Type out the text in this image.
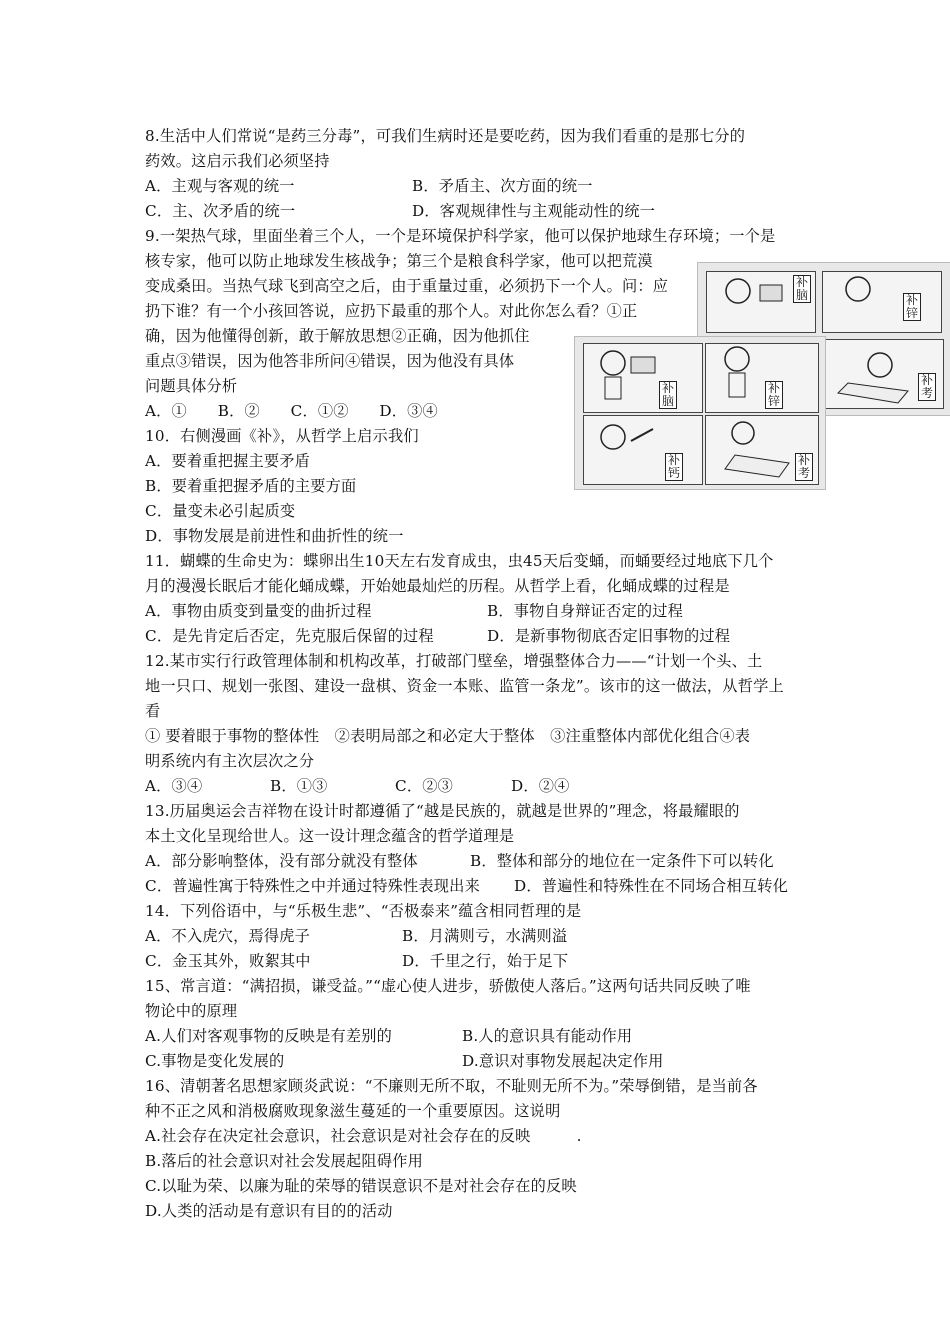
8.生活中人们常说“是药三分毒”，可我们生病时还是要吃药，因为我们看重的是那七分的
药效。这启示我们必须坚持
A．主观与客观的统一	B．矛盾主、次方面的统一
C．主、次矛盾的统一	D．客观规律性与主观能动性的统一
9.一架热气球，里面坐着三个人，一个是环境保护科学家，他可以保护地球生存环境；一个是
核专家，他可以防止地球发生核战争；第三个是粮食科学家，他可以把荒漠
变成桑田。当热气球飞到高空之后，由于重量过重，必须扔下一个人。问：应
扔下谁？有一个小孩回答说，应扔下最重的那个人。对此你怎么看？①正
确，因为他懂得创新，敢于解放思想②正确，因为他抓住
重点③错误，因为他答非所问④错误，因为他没有具体
问题具体分析
A．①　　B．②　　C．①②　　D．③④
10．右侧漫画《补》，从哲学上启示我们
A．要着重把握主要矛盾
B．要着重把握矛盾的主要方面
C．量变未必引起质变
D．事物发展是前进性和曲折性的统一
补脑	补锌
补考
补脑
补锌
补钙
补考
11．蝴蝶的生命史为：蝶卵出生10天左右发育成虫，虫45天后变蛹，而蛹要经过地底下几个
月的漫漫长眠后才能化蛹成蝶，开始她最灿烂的历程。从哲学上看，化蛹成蝶的过程是
A．事物由质变到量变的曲折过程	B．事物自身辩证否定的过程
C．是先肯定后否定，先克服后保留的过程	D．是新事物彻底否定旧事物的过程
12.某市实行行政管理体制和机构改革，打破部门壁垒，增强整体合力——“计划一个头、土
地一只口、规划一张图、建设一盘棋、资金一本账、监管一条龙”。该市的这一做法，从哲学上
看
① 要着眼于事物的整体性　②表明局部之和必定大于整体　③注重整体内部优化组合④表
明系统内有主次层次之分
A．③④	B．①③	C．②③	D．②④
13.历届奥运会吉祥物在设计时都遵循了“越是民族的，就越是世界的”理念，将最耀眼的
本土文化呈现给世人。这一设计理念蕴含的哲学道理是
A．部分影响整体，没有部分就没有整体	B．整体和部分的地位在一定条件下可以转化
C．普遍性寓于特殊性之中并通过特殊性表现出来 D．普遍性和特殊性在不同场合相互转化
14．下列俗语中，与“乐极生悲”、“否极泰来”蕴含相同哲理的是
A．不入虎穴，焉得虎子	B．月满则亏，水满则溢
C．金玉其外，败絮其中	D．千里之行，始于足下
15、常言道：“满招损，谦受益。”“虚心使人进步，骄傲使人落后。”这两句话共同反映了唯
物论中的原理
A.人们对客观事物的反映是有差别的	B.人的意识具有能动作用
C.事物是变化发展的	D.意识对事物发展起决定作用
16、清朝著名思想家顾炎武说：“不廉则无所不取，不耻则无所不为。”荣辱倒错，是当前各
种不正之风和消极腐败现象滋生蔓延的一个重要原因。这说明
A.社会存在决定社会意识，社会意识是对社会存在的反映　　　.
B.落后的社会意识对社会发展起阻碍作用
C.以耻为荣、以廉为耻的荣辱的错误意识不是对社会存在的反映
D.人类的活动是有意识有目的的活动
